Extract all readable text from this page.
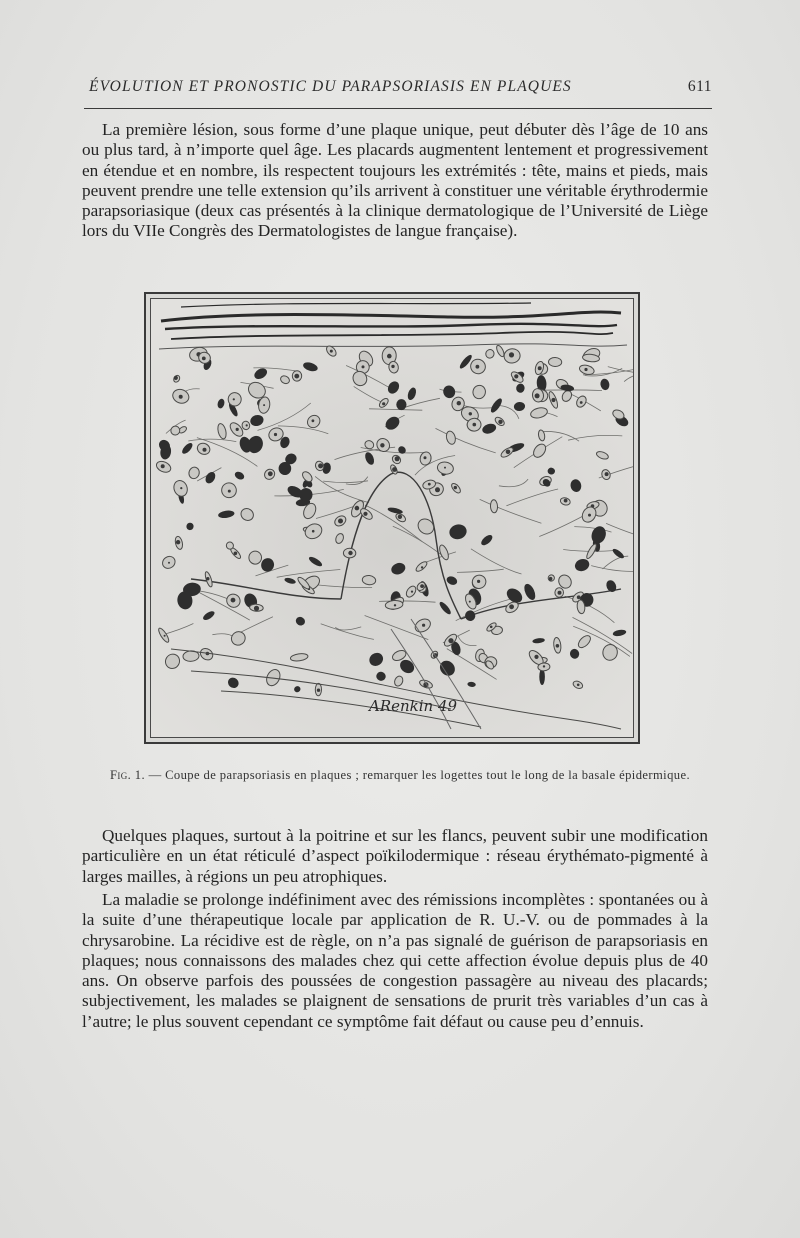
ÉVOLUTION ET PRONOSTIC DU PARAPSORIASIS EN PLAQUES	611

La première lésion, sous forme d’une plaque unique, peut débuter dès l’âge de 10 ans ou plus tard, à n’importe quel âge. Les placards augmentent lentement et progressivement en étendue et en nombre, ils respectent toujours les extrémités : tête, mains et pieds, mais peuvent prendre une telle extension qu’ils arrivent à constituer une véritable érythrodermie parapsoriasique (deux cas présentés à la clinique dermatologique de l’Université de Liège lors du VIIe Congrès des Dermatologistes de langue française).

ARenkin 49
Fig. 1. — Coupe de parapsoriasis en plaques ; remarquer les logettes tout le long de la basale épidermique.

Quelques plaques, surtout à la poitrine et sur les flancs, peuvent subir une modification particulière en un état réticulé d’aspect poïkilodermique : réseau érythémato-pigmenté à larges mailles, à régions un peu atrophiques.

La maladie se prolonge indéfiniment avec des rémissions incomplètes : spontanées ou à la suite d’une thérapeutique locale par application de R. U.-V. ou de pommades à la chrysarobine. La récidive est de règle, on n’a pas signalé de guérison de parapsoriasis en plaques; nous connaissons des malades chez qui cette affection évolue depuis plus de 40 ans. On observe parfois des poussées de congestion passagère au niveau des placards; subjectivement, les malades se plaignent de sensations de prurit très variables d’un cas à l’autre; le plus souvent cependant ce symptôme fait défaut ou cause peu d’ennuis.
